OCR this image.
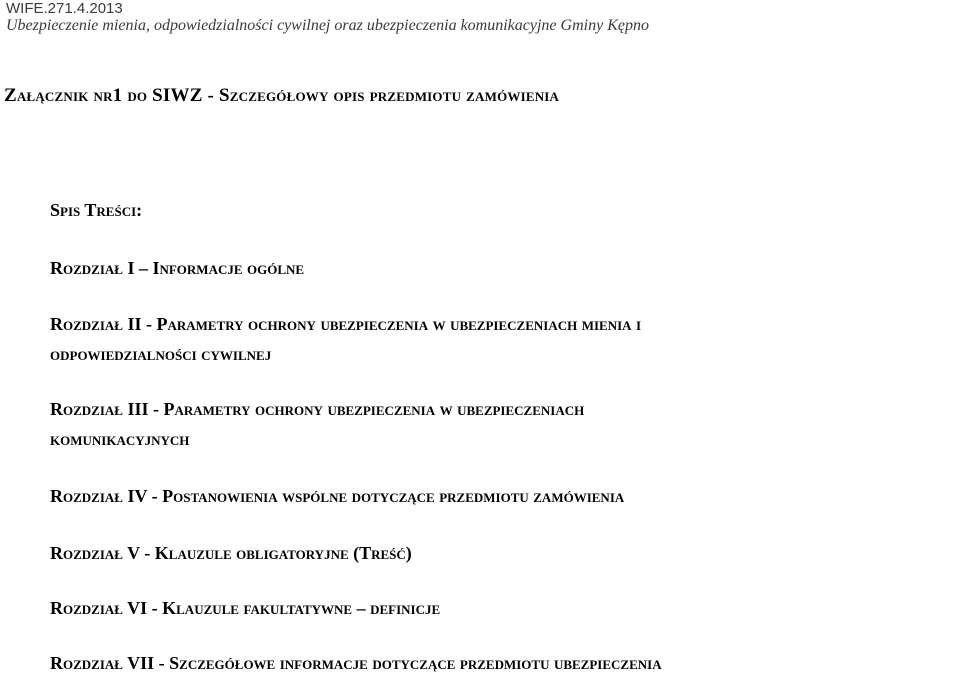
WIFE.271.4.2013
Ubezpieczenie mienia, odpowiedzialności cywilnej oraz ubezpieczenia komunikacyjne Gminy Kępno
Załącznik nr1 do SIWZ - Szczegółowy opis przedmiotu zamówienia
Spis Treści:
Rozdział I – Informacje ogólne
Rozdział II - Parametry ochrony ubezpieczenia w ubezpieczeniach mienia i
odpowiedzialności cywilnej
Rozdział III - Parametry ochrony ubezpieczenia w ubezpieczeniach
komunikacyjnych
Rozdział IV - Postanowienia wspólne dotyczące przedmiotu zamówienia
Rozdział V - Klauzule obligatoryjne (Treść)
Rozdział VI - Klauzule fakultatywne – definicje
Rozdział VII - Szczegółowe informacje dotyczące przedmiotu ubezpieczenia
